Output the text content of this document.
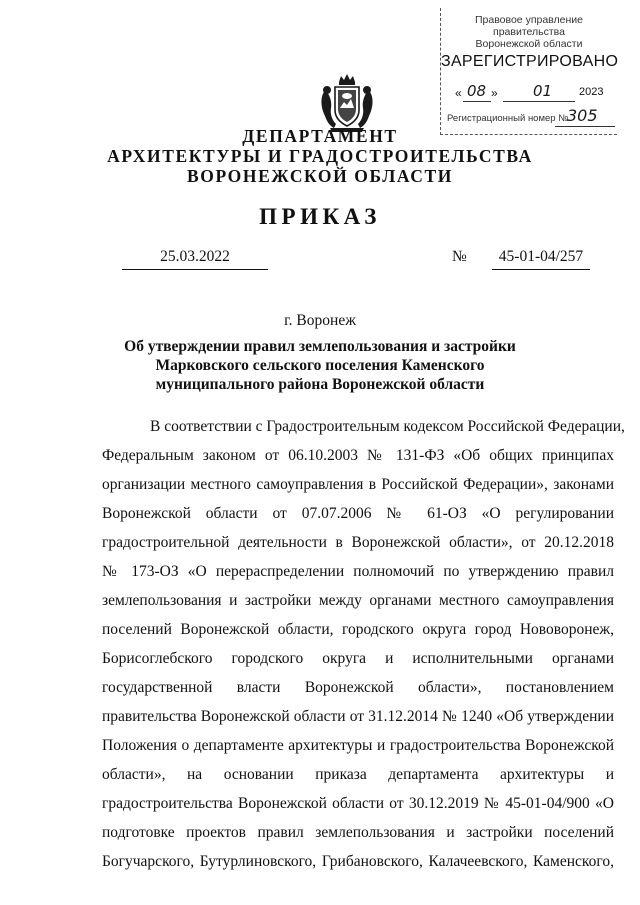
Правовое управление правительства
Воронежской области
ЗАРЕГИСТРИРОВАНО
« 08 » 01 2023
Регистрационный номер №
305
ДЕПАРТАМЕНТ
АРХИТЕКТУРЫ И ГРАДОСТРОИТЕЛЬСТВА
ВОРОНЕЖСКОЙ ОБЛАСТИ
ПРИКАЗ
25.03.2022	№	45-01-04/257
г. Воронеж
Об утверждении правил землепользования и застройки
Марковского сельского поселения Каменского
муниципального района Воронежской области
В соответствии с Градостроительным кодексом Российской Федерации,
Федеральным законом от 06.10.2003 № 131-ФЗ «Об общих принципах
организации местного самоуправления в Российской Федерации», законами
Воронежской области от 07.07.2006 № 61-ОЗ «О регулировании
градостроительной деятельности в Воронежской области», от 20.12.2018
№ 173-ОЗ «О перераспределении полномочий по утверждению правил
землепользования и застройки между органами местного самоуправления
поселений Воронежской области, городского округа город Нововоронеж,
Борисоглебского городского округа и исполнительными органами
государственной власти Воронежской области», постановлением
правительства Воронежской области от 31.12.2014 № 1240 «Об утверждении
Положения о департаменте архитектуры и градостроительства Воронежской
области», на основании приказа департамента архитектуры и
градостроительства Воронежской области от 30.12.2019 № 45-01-04/900 «О
подготовке проектов правил землепользования и застройки поселений
Богучарского, Бутурлиновского, Грибановского, Калачеевского, Каменского,
